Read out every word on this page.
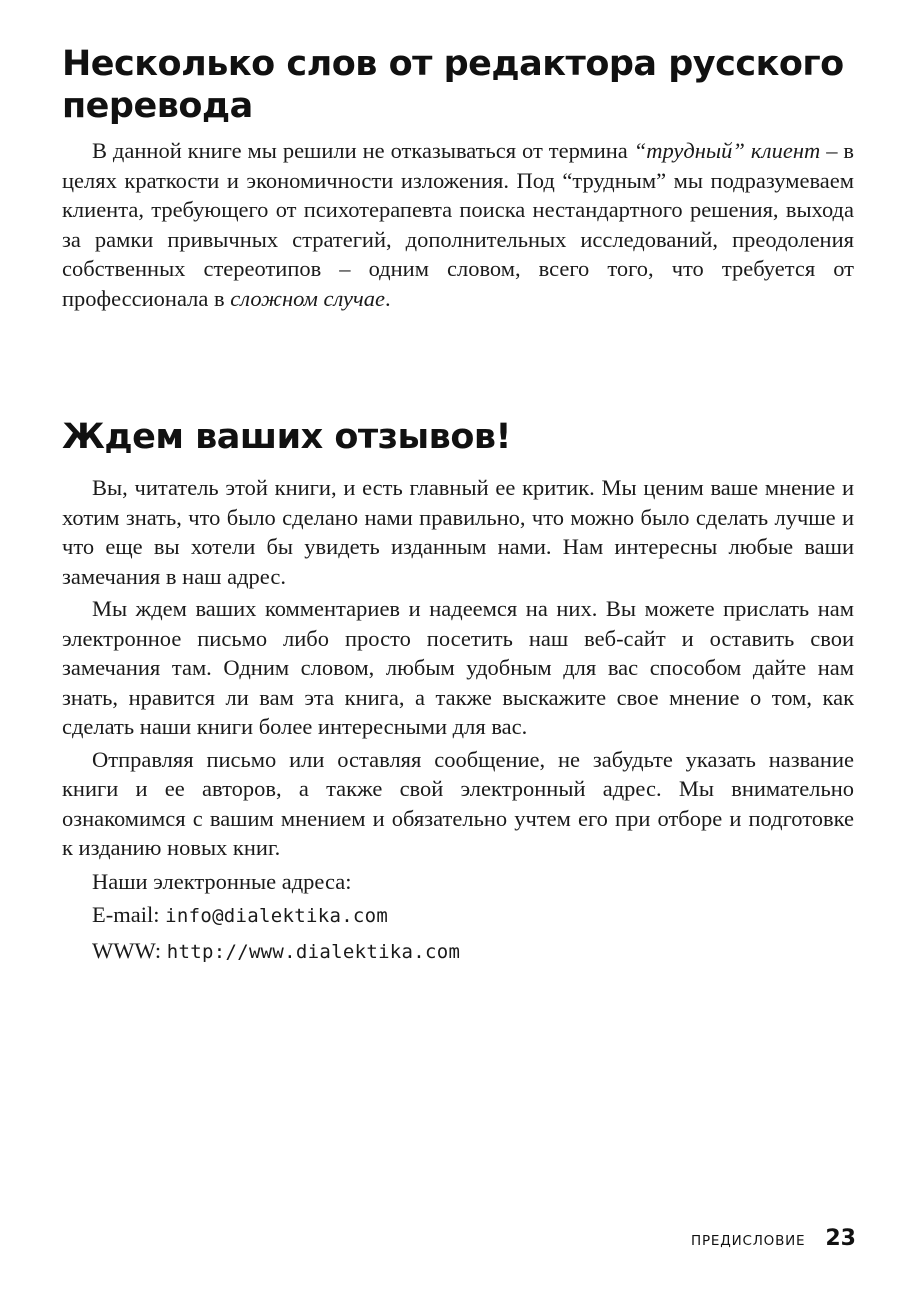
Несколько слов от редактора русского перевода

В данной книге мы решили не отказываться от термина “трудный” клиент – в целях краткости и экономичности изложения. Под “трудным” мы подразумеваем клиента, требующего от психотерапевта поиска нестандартного решения, выхода за рамки привычных стратегий, дополнительных исследований, преодоления собственных стереотипов – одним словом, всего того, что требуется от профессионала в сложном случае.

Ждем ваших отзывов!

Вы, читатель этой книги, и есть главный ее критик. Мы ценим ваше мнение и хотим знать, что было сделано нами правильно, что можно было сделать лучше и что еще вы хотели бы увидеть изданным нами. Нам интересны любые ваши замечания в наш адрес.

Мы ждем ваших комментариев и надеемся на них. Вы можете прислать нам электронное письмо либо просто посетить наш веб-сайт и оставить свои замечания там. Одним словом, любым удобным для вас способом дайте нам знать, нравится ли вам эта книга, а также выскажите свое мнение о том, как сделать наши книги более интересными для вас.

Отправляя письмо или оставляя сообщение, не забудьте указать название книги и ее авторов, а также свой электронный адрес. Мы внимательно ознакомимся с вашим мнением и обязательно учтем его при отборе и подготовке к изданию новых книг.

Наши электронные адреса:

E-mail: info@dialektika.com

WWW: http://www.dialektika.com

ПРЕДИСЛОВИЕ 23
